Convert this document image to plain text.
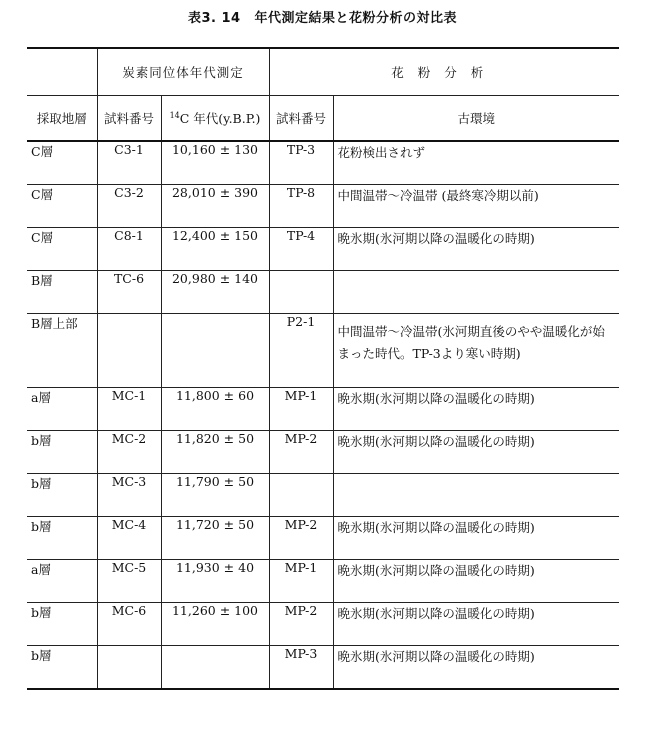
表3. 14 年代測定結果と花粉分析の対比表
	炭素同位体年代測定		花粉分析	
採取地層	試料番号	$^{14}$C 年代(y.B.P.)	試料番号	古環境
C層	C3-1	10,160 ± 130	TP-3	花粉検出されず
C層	C3-2	28,010 ± 390	TP-8	中間温帯～冷温帯 (最終寒冷期以前)
C層	C8-1	12,400 ± 150	TP-4	晩氷期(氷河期以降の温暖化の時期)
B層	TC-6	20,980 ± 140		
B層上部			P2-1	中間温帯～冷温帯(氷河期直後のやや温暖化が始まった時代。TP-3より寒い時期)
a層	MC-1	11,800 ± 60	MP-1	晩氷期(氷河期以降の温暖化の時期)
b層	MC-2	11,820 ± 50	MP-2	晩氷期(氷河期以降の温暖化の時期)
b層	MC-3	11,790 ± 50		
b層	MC-4	11,720 ± 50	MP-2	晩氷期(氷河期以降の温暖化の時期)
a層	MC-5	11,930 ± 40	MP-1	晩氷期(氷河期以降の温暖化の時期)
b層	MC-6	11,260 ± 100	MP-2	晩氷期(氷河期以降の温暖化の時期)
b層			MP-3	晩氷期(氷河期以降の温暖化の時期)
